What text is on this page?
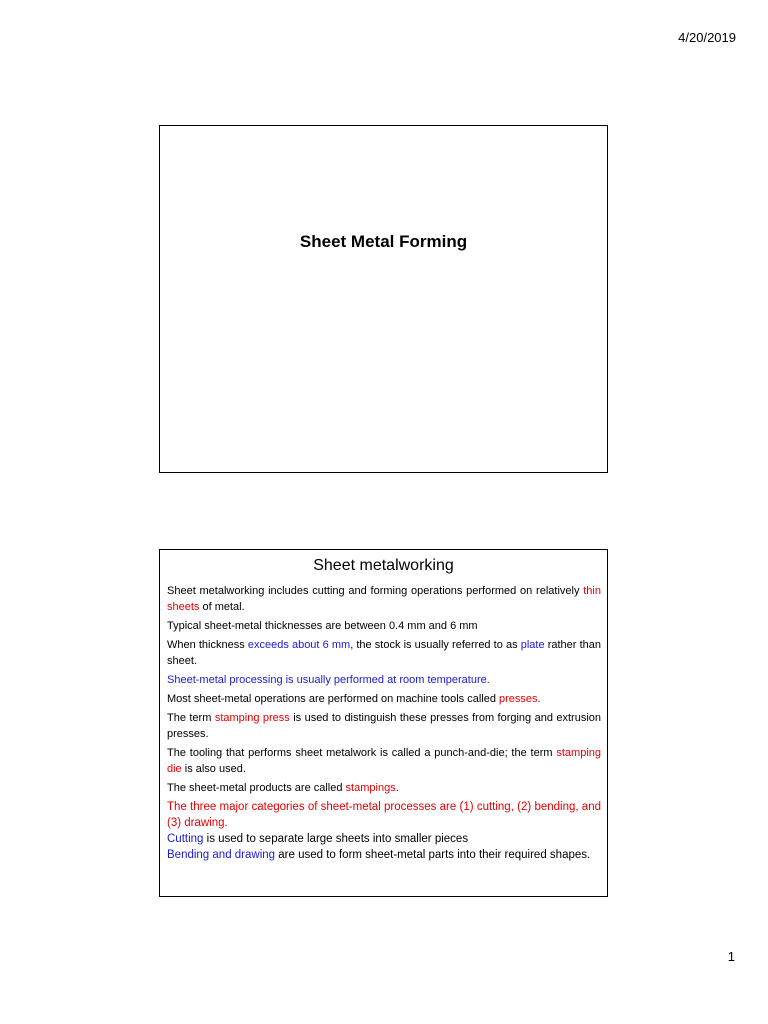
4/20/2019
Sheet Metal Forming
Sheet metalworking

Sheet metalworking includes cutting and forming operations performed on relatively thin sheets of metal.

Typical sheet-metal thicknesses are between 0.4 mm and 6 mm

When thickness exceeds about 6 mm, the stock is usually referred to as plate rather than sheet.

Sheet-metal processing is usually performed at room temperature.

Most sheet-metal operations are performed on machine tools called presses.

The term stamping press is used to distinguish these presses from forging and extrusion presses.

The tooling that performs sheet metalwork is called a punch-and-die; the term stamping die is also used.

The sheet-metal products are called stampings.

The three major categories of sheet-metal processes are (1) cutting, (2) bending, and (3) drawing.

Cutting is used to separate large sheets into smaller pieces

Bending and drawing are used to form sheet-metal parts into their required shapes.

1
